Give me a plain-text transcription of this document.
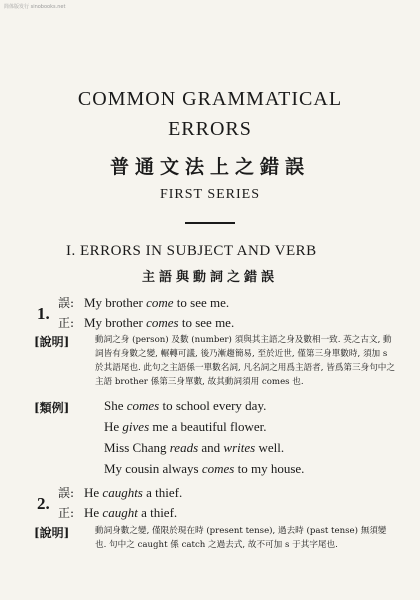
简体版发行 sinobooks.net
COMMON GRAMMATICAL
ERRORS
普通文法上之錯誤
FIRST SERIES
I. ERRORS IN SUBJECT AND VERB
主語與動詞之錯誤
1.
誤: My brother come to see me.
正: My brother comes to see me.
[說明]	動詞之身 (person) 及數 (number) 須與其主語之身及數相一致. 英之古文, 動詞皆有身數之變, 輾轉可議, 後乃漸趨簡易, 至於近世, 僅第三身單數時, 須加 s 於其語尾也. 此句之主語係一單數名詞, 凡名詞之用爲主語者, 皆爲第三身句中之主語 brother 係第三身單數, 故其動詞須用 comes 也.
[類例]	She comes to school every day.
He gives me a beautiful flower.
Miss Chang reads and writes well.
My cousin always comes to my house.
2.
誤: He caughts a thief.
正: He caught a thief.
[說明]	動詞身數之變, 僅限於現在時 (present tense), 過去時 (past tense) 無須變也. 句中之 caught 係 catch 之過去式, 故不可加 s 于其字尾也.
